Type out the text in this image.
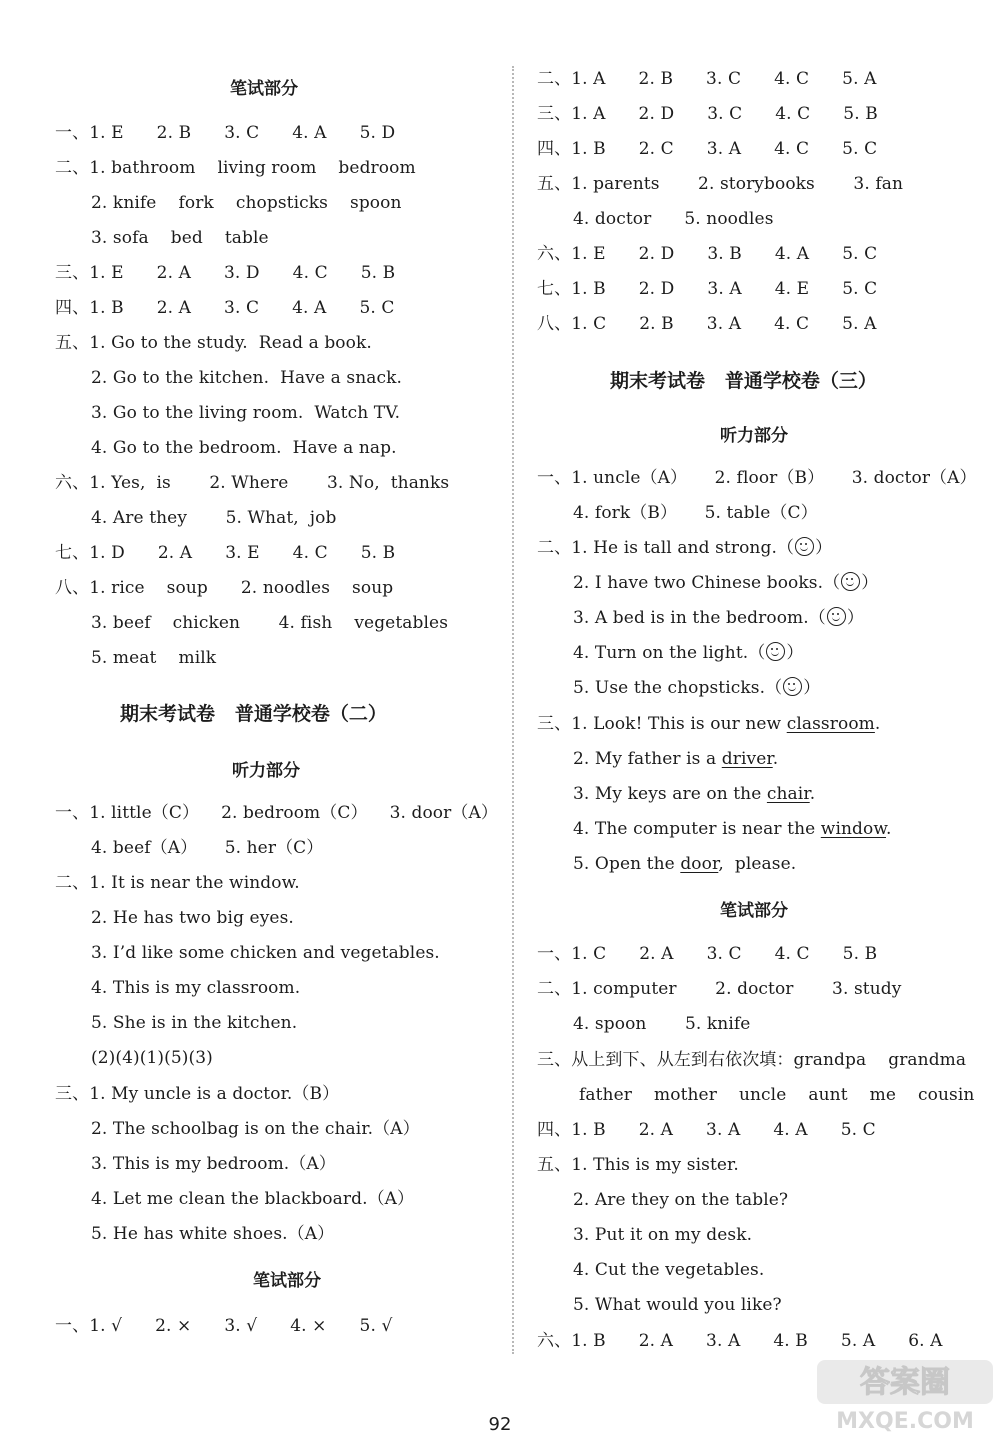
笔试部分
一、1. E      2. B      3. C      4. A      5. D
二、1. bathroom    living room    bedroom
2. knife    fork    chopsticks    spoon
3. sofa    bed    table
三、1. E      2. A      3. D      4. C      5. B
四、1. B      2. A      3. C      4. A      5. C
五、1. Go to the study.  Read a book.
2. Go to the kitchen.  Have a snack.
3. Go to the living room.  Watch TV.
4. Go to the bedroom.  Have a nap.
六、1. Yes,  is       2. Where       3. No,  thanks
4. Are they       5. What,  job
七、1. D      2. A      3. E      4. C      5. B
八、1. rice    soup      2. noodles    soup
3. beef    chicken       4. fish    vegetables
5. meat    milk
期末考试卷   普通学校卷（二）
听力部分
一、1. little（C）    2. bedroom（C）    3. door（A）
4. beef（A）     5. her（C）
二、1. It is near the window.
2. He has two big eyes.
3. I’d like some chicken and vegetables.
4. This is my classroom.
5. She is in the kitchen.
(2)(4)(1)(5)(3)
三、1. My uncle is a doctor.（B）
2. The schoolbag is on the chair.（A）
3. This is my bedroom.（A）
4. Let me clean the blackboard.（A）
5. He has white shoes.（A）
笔试部分
一、1. √      2. ×      3. √      4. ×      5. √
二、1. A      2. B      3. C      4. C      5. A
三、1. A      2. D      3. C      4. C      5. B
四、1. B      2. C      3. A      4. C      5. C
五、1. parents       2. storybooks       3. fan
4. doctor      5. noodles
六、1. E      2. D      3. B      4. A      5. C
七、1. B      2. D      3. A      4. E      5. C
八、1. C      2. B      3. A      4. C      5. A
期末考试卷   普通学校卷（三）
听力部分
一、1. uncle（A）     2. floor（B）     3. doctor（A）
4. fork（B）     5. table（C）
二、1. He is tall and strong.（ ）
2. I have two Chinese books.（ ）
3. A bed is in the bedroom.（ ）
4. Turn on the light.（ ）
5. Use the chopsticks.（ ）
三、1. Look! This is our new classroom.
2. My father is a driver.
3. My keys are on the chair.
4. The computer is near the window.
5. Open the door,  please.
笔试部分
一、1. C      2. A      3. C      4. C      5. B
二、1. computer       2. doctor       3. study
4. spoon       5. knife
三、从上到下、从左到右依次填：grandpa    grandma
father    mother    uncle    aunt    me    cousin
四、1. B      2. A      3. A      4. A      5. C
五、1. This is my sister.
2. Are they on the table?
3. Put it on my desk.
4. Cut the vegetables.
5. What would you like?
六、1. B      2. A      3. A      4. B      5. A      6. A
92
答案圈
MXQE.COM
